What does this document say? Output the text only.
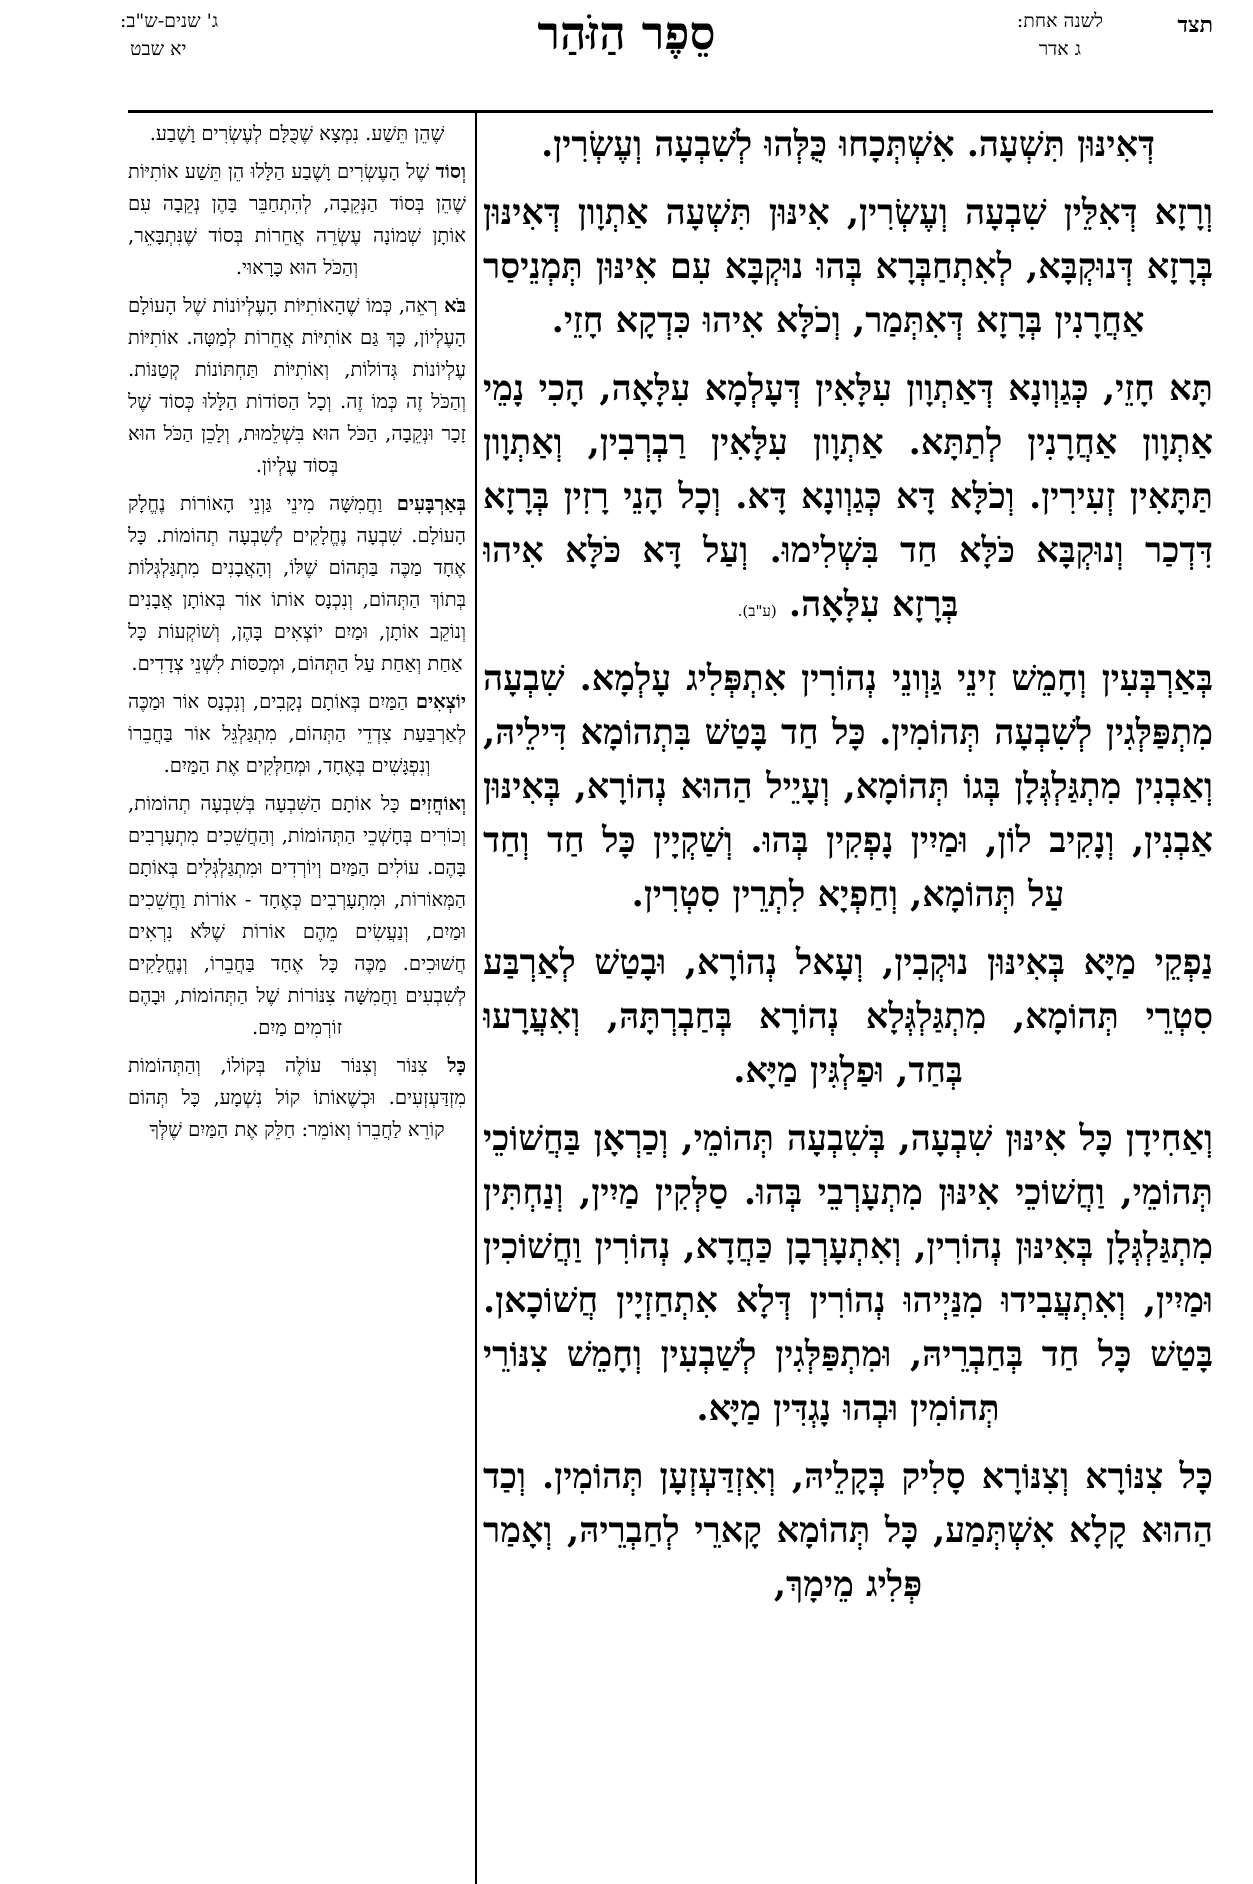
תצד
לשנה אחת:
ג אדר
סֵפֶר הַזֹּהַר
ג' שנים-ש"ב:
יא שבט

דְּאִינּוּן תִּשְׁעָה. אִשְׁתְּכָחוּ כֻּלְּהוּ לְשִׁבְעָה וְעֶשְׂרִין.

וְרָזָא דְּאִלֵּין שִׁבְעָה וְעֶשְׂרִין, אִינּוּן תִּשְׁעָה אַתְוָון דְּאִינּוּן בְּרָזָא דְּנוּקְבָּא, לְאִתְחַבְּרָא בְּהוּ נוּקְבָּא עִם אִינּוּן תְּמְנֵיסַר אַחֲרָנִין בְּרָזָא דְּאִתְּמַר, וְכֹלָּא אִיהוּ כִּדְקָא חָזֵי.

תָּא חָזֵי, כְּגַוְונָא דְּאַתְוָון עִלָּאִין דְּעָלְמָא עִלָּאָה, הָכִי נָמֵי אַתְוָון אַחֲרָנִין לְתַתָּא. אַתְוָון עִלָּאִין רַבְרְבִין, וְאַתְוָון תַּתָּאִין זְעִירִין. וְכֹלָּא דָּא כְּגַוְונָא דָּא. וְכָל הָנֵי רָזִין בְּרָזָא דִּדְכַר וְנוּקְבָּא כֹּלָּא חַד בִּשְׁלִימוּ. וְעַל דָּא כֹּלָּא אִיהוּ בְּרָזָא עִלָּאָה. (ע"ב).

בְּאַרְבְּעִין וְחָמֵשׁ זִינֵי גַּוְונֵי נְהוֹרִין אִתְפְּלִיג עָלְמָא. שִׁבְעָה מִתְפַּלְּגִין לְשִׁבְעָה תְּהוֹמִין. כָּל חַד בָּטַשׁ בִּתְהוֹמָא דִּילֵיהּ, וְאַבְנִין מִתְגַּלְגְּלָן בְּגוֹ תְּהוֹמָא, וְעָיֵיל הַהוּא נְהוֹרָא, בְּאִינּוּן אַבְנִין, וְנָקִיב לוֹן, וּמַיִין נָפְקִין בְּהוּ. וְשַׁקְיָין כָּל חַד וְחַד עַל תְּהוֹמָא, וְחַפְיָא לִתְרֵין סִטְרִין.

נַפְקֵי מַיָּא בְּאִינּוּן נוּקְבִין, וְעָאל נְהוֹרָא, וּבָטַשׁ לְאַרְבַּע סִטְרֵי תְּהוֹמָא, מִתְגַּלְגְּלָא נְהוֹרָא בְּחַבְרְתָּהּ, וְאִעֲרָעוּ בְּחַד, וּפַלְגִּין מַיָּא.

וְאַחִידָן כָּל אִינּוּן שִׁבְעָה, בְּשִׁבְעָה תְּהוֹמֵי, וְכַרְאָן בַּחֲשׁוֹכֵי תְּהוֹמֵי, וַחֲשׁוֹכֵי אִינּוּן מִתְעָרְבֵי בְּהוּ. סַלְּקִין מַיִין, וְנַחְתִּין מִתְגַּלְגְּלָן בְּאִינּוּן נְהוֹרִין, וְאִתְעָרְבָן כַּחֲדָא, נְהוֹרִין וַחֲשׁוֹכִין וּמַיִין, וְאִתְעֲבִידוּ מִנַּיְיהוּ נְהוֹרִין דְּלָא אִתְחַזְיָין חֲשׁוֹכָאן. בָּטַשׁ כָּל חַד בְּחַבְרֵיהּ, וּמִתְפַּלְּגִין לְשַׁבְעִין וְחָמֵשׁ צִנּוֹרֵי תְּהוֹמִין וּבְהוּ נָגְדִּין מַיָּא.

כָּל צִנּוֹרָא וְצִנּוֹרָא סָלִיק בְּקָלֵיהּ, וְאִזְדַּעְזְעָן תְּהוֹמִין. וְכַד הַהוּא קָלָא אִשְׁתְּמַע, כָּל תְּהוֹמָא קָארֵי לְחַבְרֵיהּ, וְאָמַר פְּלִיג מֵימָךְ,

שֶׁהֵן תֵּשַׁע. נִמְצָא שֶׁכֻּלָּם לְעֶשְׂרִים וָשֶׁבַע.

וְסוֹד שֶׁל הָעֶשְׂרִים וָשֶׁבַע הַלָּלוּ הֵן תֵּשַׁע אוֹתִיּוֹת שֶׁהֵן בְּסוֹד הַנְּקֵבָה, לְהִתְחַבֵּר בָּהֶן נְקֵבָה עִם אוֹתָן שְׁמוֹנָה עֶשְׂרֵה אֲחֵרוֹת בְּסוֹד שֶׁנִּתְבָּאֵר, וְהַכֹּל הוּא כָּרָאוּי.

בֹּא רְאֵה, כְּמוֹ שֶׁהָאוֹתִיּוֹת הָעֶלְיוֹנוֹת שֶׁל הָעוֹלָם הָעֶלְיוֹן, כָּךְ גַּם אוֹתִיּוֹת אֲחֵרוֹת לְמַטָּה. אוֹתִיּוֹת עֶלְיוֹנוֹת גְּדוֹלוֹת, וְאוֹתִיּוֹת תַּחְתּוֹנוֹת קְטַנּוֹת. וְהַכֹּל זֶה כְּמוֹ זֶה. וְכָל הַסּוֹדוֹת הַלָּלוּ כְּסוֹד שֶׁל זָכָר וּנְקֵבָה, הַכֹּל הוּא בִּשְׁלֵמוּת, וְלָכֵן הַכֹּל הוּא בְּסוֹד עֶלְיוֹן.

בְּאַרְבָּעִים וַחֲמִשָּׁה מִינֵי גַּוְנֵי הָאוֹרוֹת נֶחֱלָק הָעוֹלָם. שִׁבְעָה נֶחֱלָקִים לְשִׁבְעָה תְהוֹמוֹת. כָּל אֶחָד מַכֶּה בַּתְּהוֹם שֶׁלּוֹ, וְהָאֲבָנִים מִתְגַּלְגְּלוֹת בְּתוֹךְ הַתְּהוֹם, וְנִכְנָס אוֹתוֹ אוֹר בְּאוֹתָן אֲבָנִים וְנוֹקֵב אוֹתָן, וּמַיִם יוֹצְאִים בָּהֶן, וְשׁוֹקְעוֹת כָּל אַחַת וְאַחַת עַל הַתְּהוֹם, וּמְכַסּוֹת לִשְׁנֵי צְדָדִים.

יוֹצְאִים הַמַּיִם בְּאוֹתָם נְקָבִים, וְנִכְנָס אוֹר וּמַכֶּה לְאַרְבַּעַת צִדְדֵי הַתְּהוֹם, מִתְגַּלְגֵּל אוֹר בַּחֲבֵרוֹ וְנִפְגָּשִׁים בְּאֶחָד, וּמְחַלְּקִים אֶת הַמַּיִם.

וְאוֹחֲזִים כָּל אוֹתָם הַשִּׁבְעָה בְּשִׁבְעָה תְהוֹמוֹת, וְכוֹרִים בְּחָשְׁכֵי הַתְּהוֹמוֹת, וְהַחֲשֵׁכִים מִתְעָרְבִים בָּהֶם. עוֹלִים הַמַּיִם וְיוֹרְדִים וּמִתְגַּלְגְּלִים בְּאוֹתָם הַמְּאוֹרוֹת, וּמִתְעָרְבִים כְּאֶחָד - אוֹרוֹת וַחֲשֵׁכִים וּמַיִם, וְנַעֲשִׂים מֵהֶם אוֹרוֹת שֶׁלֹּא נִרְאִים חֲשׁוּכִים. מַכֶּה כָּל אֶחָד בַּחֲבֵרוֹ, וְנֶחֱלָקִים לְשִׁבְעִים וַחֲמִשָּׁה צִנּוֹרוֹת שֶׁל הַתְּהוֹמוֹת, וּבָהֶם זוֹרְמִים מַיִם.

כָּל צִנּוֹר וְצִנּוֹר עוֹלֶה בְּקוֹלוֹ, וְהַתְּהוֹמוֹת מִזְדַּעְזְעִים. וּכְשֶׁאוֹתוֹ קוֹל נִשְׁמָע, כָּל תְּהוֹם קוֹרֵא לַחֲבֵרוֹ וְאוֹמֵר: חַלֵּק אֶת הַמַּיִם שֶׁלְּךָ
